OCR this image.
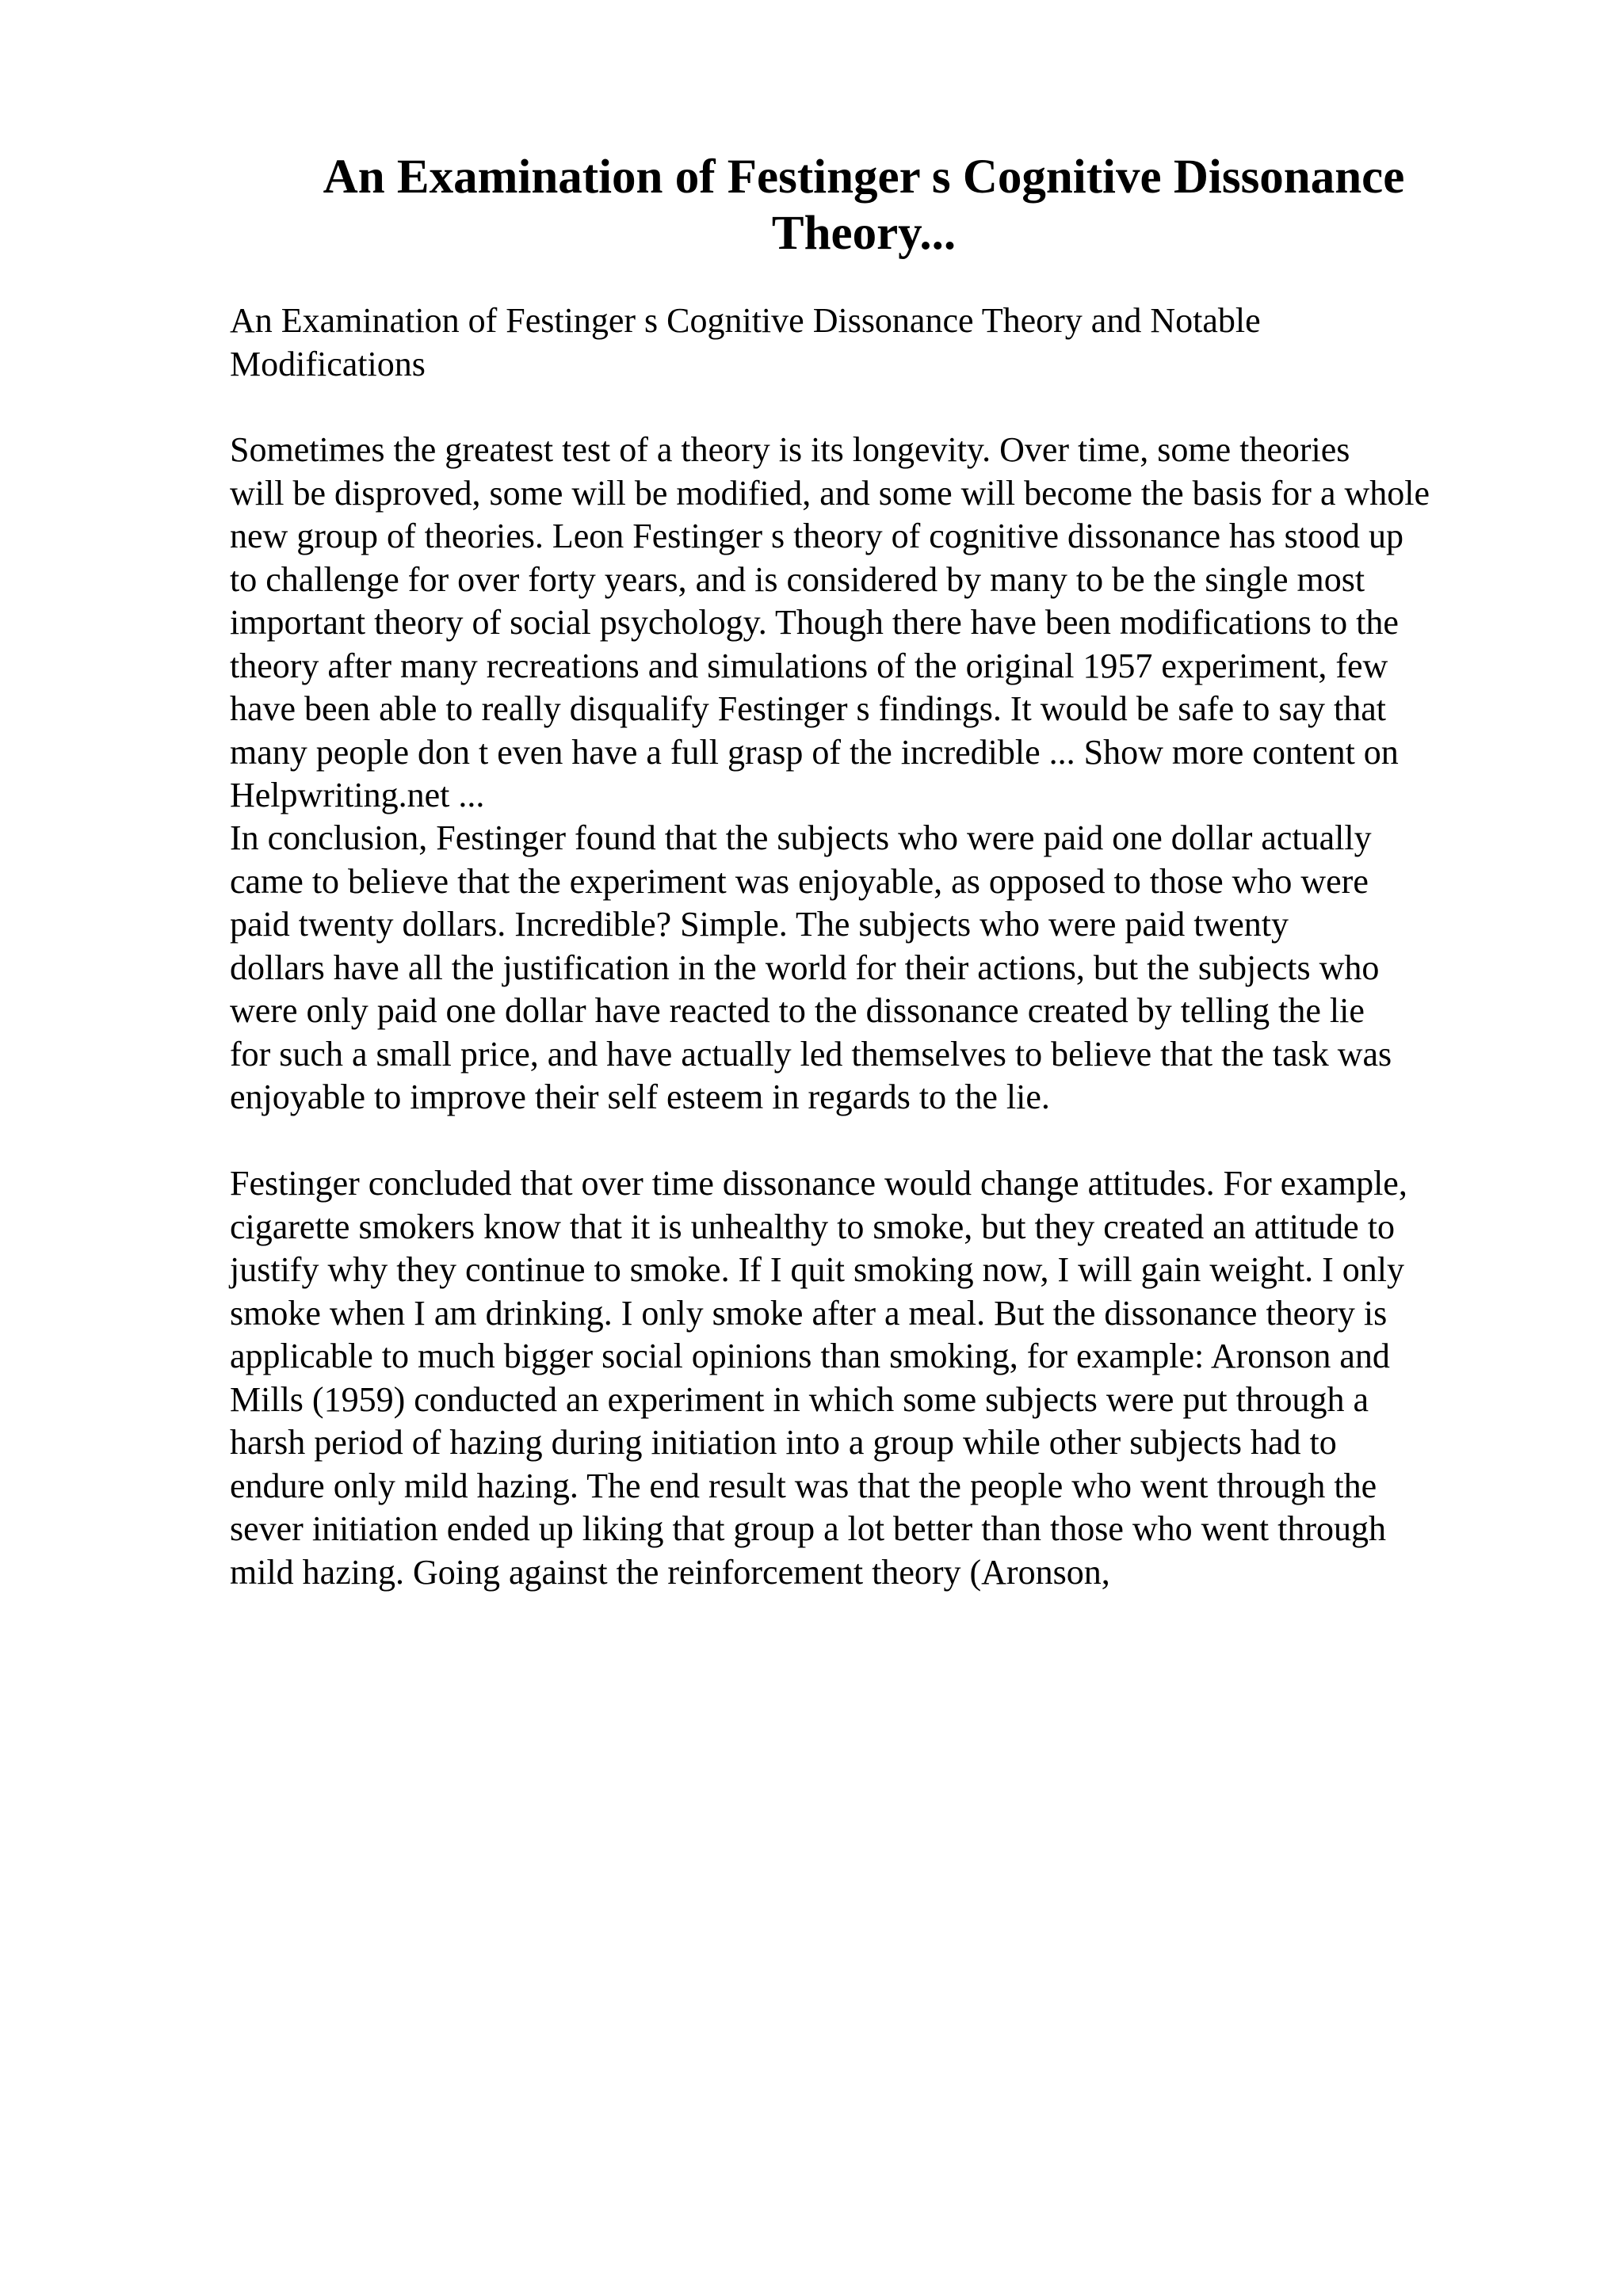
An Examination of Festinger s Cognitive Dissonance
Theory...

An Examination of Festinger s Cognitive Dissonance Theory and Notable
Modifications

Sometimes the greatest test of a theory is its longevity. Over time, some theories
will be disproved, some will be modified, and some will become the basis for a whole
new group of theories. Leon Festinger s theory of cognitive dissonance has stood up
to challenge for over forty years, and is considered by many to be the single most
important theory of social psychology. Though there have been modifications to the
theory after many recreations and simulations of the original 1957 experiment, few
have been able to really disqualify Festinger s findings. It would be safe to say that
many people don t even have a full grasp of the incredible ... Show more content on
Helpwriting.net ...

In conclusion, Festinger found that the subjects who were paid one dollar actually
came to believe that the experiment was enjoyable, as opposed to those who were
paid twenty dollars. Incredible? Simple. The subjects who were paid twenty
dollars have all the justification in the world for their actions, but the subjects who
were only paid one dollar have reacted to the dissonance created by telling the lie
for such a small price, and have actually led themselves to believe that the task was
enjoyable to improve their self esteem in regards to the lie.

Festinger concluded that over time dissonance would change attitudes. For example,
cigarette smokers know that it is unhealthy to smoke, but they created an attitude to
justify why they continue to smoke. If I quit smoking now, I will gain weight. I only
smoke when I am drinking. I only smoke after a meal. But the dissonance theory is
applicable to much bigger social opinions than smoking, for example: Aronson and
Mills (1959) conducted an experiment in which some subjects were put through a
harsh period of hazing during initiation into a group while other subjects had to
endure only mild hazing. The end result was that the people who went through the
sever initiation ended up liking that group a lot better than those who went through
mild hazing. Going against the reinforcement theory (Aronson,
